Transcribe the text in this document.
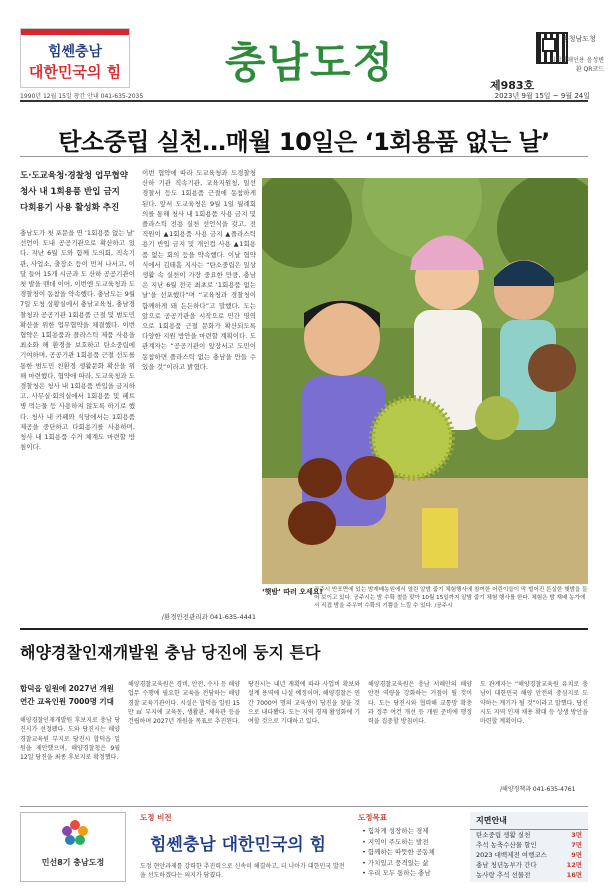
힘쎈충남
대한민국의 힘	충남도정	충청남도청
시각장애인용 음성변환 QR코드
제983호
1990년 12월 15일 창간 안내 041-635-2035	2023년 9월 15일 ~ 9월 24일
탄소중립 실천…매월 10일은 ‘1회용품 없는 날’
도·도교육청·경찰청 업무협약
청사 내 1회용품 반입 금지
다회용기 사용 활성화 추진
충남도가 첫 포문을 연 ‘1회용품 없는 날’ 선언이 도내 공공기관으로 확산하고 있다. 지난 6월 도와 함께 도의회, 직속기관, 사업소, 출장소 등이 먼저 나서고, 이달 들어 15개 시군과 도 산하 공공기관이 첫 발을 뗀데 이어, 이번엔 도교육청과 도경찰청이 동참을 약속했다. 충남도는 9월 7일 도청 상황실에서 충남교육청, 충남경찰청과 공공기관 1회용품 근절 및 범도민 확산을 위한 업무협약을 체결했다. 이번 협약은 1회용품과 플라스틱 제품 사용을 최소화 해 환경을 보호하고 탄소중립에 기여하며, 공공기관 1회용품 근절 선도를 통한 범도민 친환경 생활문화 확산을 위해 마련했다. 협약에 따라, 도교육청과 도경찰청은 청사 내 1회용품 반입을 금지하고, 사무실·회의실에서 1회용품 및 페트병 먹는물 등 사용하지 않도록 하기로 했다. 청사 내 카페와 식당에서는 1회용품 제공을 중단하고 다회용기를 사용하며, 청사 내 1회용품 수거 체계도 마련할 방침이다.
이번 협약에 따라 도교육청과 도경찰청 산하 기관 직속기관, 교육지원청, 일선 경찰서 등도 1회용품 근절에 동참하게 된다. 앞서 도교육청은 9월 1일 월례회의를 통해 청사 내 1회용품 사용 금지 및 플라스틱 전용 실천 선언식을 갖고, 전 직원이 ▲1회용품 사용 금지 ▲플라스틱 용기 반입 금지 및 개인컵 사용 ▲1회용품 없는 회의 등을 약속했다. 이날 협약식에서 김태흠 지사는 “탄소중립은 일상생활 속 실천이 가장 중요한 만큼, 충남은 지난 6월 전국 최초로 ‘1회용품 없는 날’을 선포했다”며 “교육청과 경찰청이 함께하게 돼 든든하다”고 말했다. 도는 앞으로 공공기관을 시작으로 민간 영역으로 1회용품 근절 문화가 확산되도록 다양한 지원 방안을 마련할 계획이다. 도 관계자는 “공공기관이 앞장서고 도민이 동참하면 플라스틱 없는 충남을 만들 수 있을 것”이라고 밝혔다.
/환경안전관리과 041-635-4441
‘햇밤’ 따러 오세요!
공주시 반포면에 있는 밤재배농원에서 열린 알밤 줍기 체험행사에 참여한 어린이들이 막 벌어진 튼실한 햇밤을 들어 보이고 있다. 공주시는 밤 수확 철을 맞아 10월 15일까지 알밤 줍기 체험 행사를 한다. 체험은 밤 재배 농가에서 직접 밤을 주우며 수확의 기쁨을 느낄 수 있다. /공주시
해양경찰인재개발원 충남 당진에 둥지 튼다
합덕읍 일원에 2027년 개원
연간 교육인원 7000명 기대
해양경찰인재개발원 후보지로 충남 당진시가 선정됐다. 도와 당진시는 해양경찰교육원 부지로 당진시 합덕읍 일원을 제안했으며, 해양경찰청은 9월 12일 당진을 최종 후보지로 확정했다.
해양경찰교육원은 경비, 안전, 수사 등 해양 업무 수행에 필요한 교육을 전담하는 해양경찰 교육기관이다. 시설은 합덕읍 일원 15만 ㎡ 부지에 교육동, 생활관, 체육관 등을 건립하며 2027년 개원을 목표로 추진된다.
당진시는 내년 계획에 따라 사업비 확보와 설계 용역에 나설 예정이며, 해양경찰은 연간 7000여 명의 교육생이 당진을 찾을 것으로 내다봤다. 도는 지역 경제 활성화에 기여할 것으로 기대하고 있다.
해양경찰교육원은 충남 서해안의 해양 안전 역량을 강화하는 거점이 될 것이다. 도는 당진시와 협력해 교통망 확충과 정주 여건 개선 등 개원 준비에 행정력을 집중할 방침이다.
도 관계자는 “해양경찰교육원 유치로 충남이 대한민국 해양 안전의 중심지로 도약하는 계기가 될 것”이라고 말했다. 당진시도 지역 인재 채용 확대 등 상생 방안을 마련할 계획이다.
/해양정책과 041-635-4761
민선8기 충남도정
도정 비전
힘쎈충남 대한민국의 힘
도정 현안과제를 강력한 추진력으로 신속히 해결하고, 더 나아가 대한민국 발전을 선도하겠다는 의지가 담겼다.
도정목표
• 힘차게 성장하는 경제
• 지역이 주도하는 발전
• 함께하는 따뜻한 공동체
• 가치있고 풍격있는 삶
• 우리 모두 통하는 충남
지면안내
탄소중립 생활 실천	3면
추석 농축수산물 할인	7면
2023 대백제전 여행코스	9면
충남 청년농부가 간다	12면
농사랑 추석 선물전	16면
